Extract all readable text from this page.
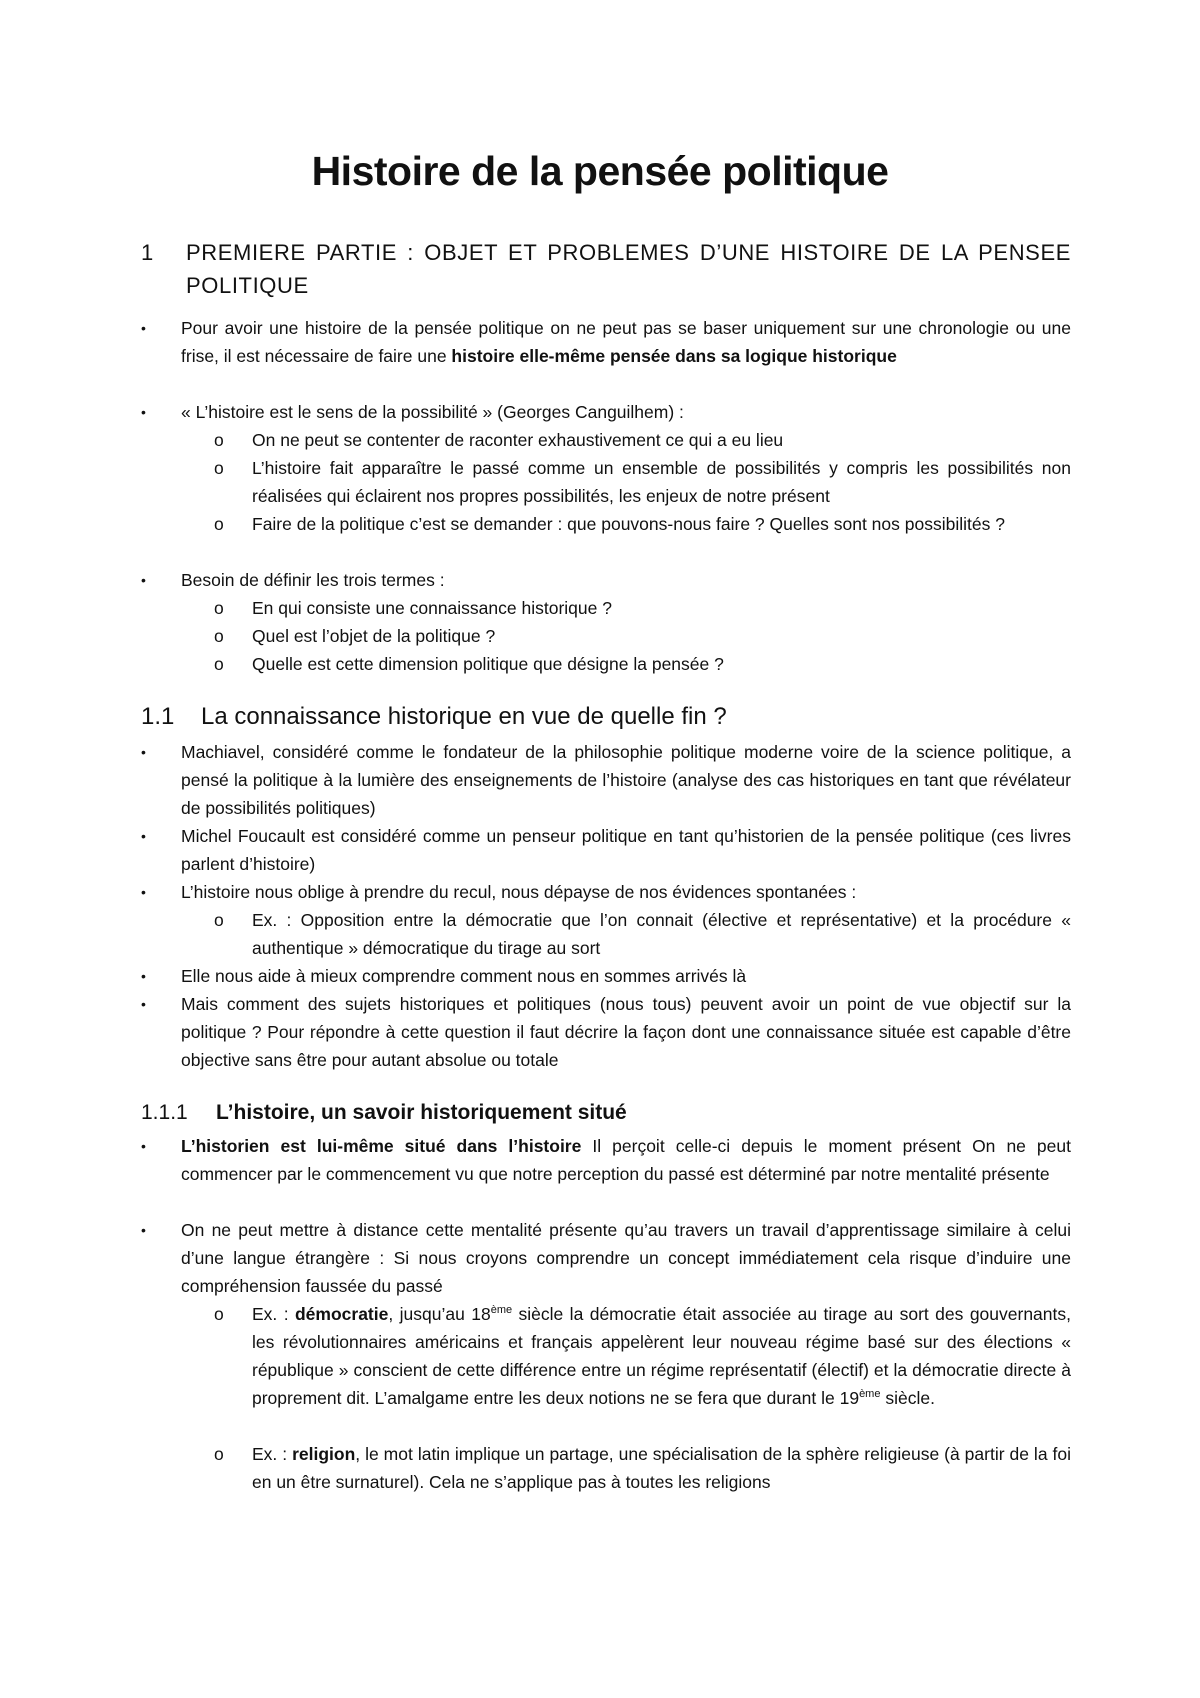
Histoire de la pensée politique
1 PREMIERE PARTIE : OBJET ET PROBLEMES D’UNE HISTOIRE DE LA PENSEE POLITIQUE
•	Pour avoir une histoire de la pensée politique on ne peut pas se baser uniquement sur une chronologie ou une frise, il est nécessaire de faire une histoire elle-même pensée dans sa logique historique
•	« L’histoire est le sens de la possibilité » (Georges Canguilhem) :
o	On ne peut se contenter de raconter exhaustivement ce qui a eu lieu
o	L’histoire fait apparaître le passé comme un ensemble de possibilités y compris les possibilités non réalisées qui éclairent nos propres possibilités, les enjeux de notre présent
o	Faire de la politique c’est se demander : que pouvons-nous faire ? Quelles sont nos possibilités ?
•	Besoin de définir les trois termes :
o	En qui consiste une connaissance historique ?
o	Quel est l’objet de la politique ?
o	Quelle est cette dimension politique que désigne la pensée ?
1.1 La connaissance historique en vue de quelle fin ?
•	Machiavel, considéré comme le fondateur de la philosophie politique moderne voire de la science politique, a pensé la politique à la lumière des enseignements de l’histoire (analyse des cas historiques en tant que révélateur de possibilités politiques)
•	Michel Foucault est considéré comme un penseur politique en tant qu’historien de la pensée politique (ces livres parlent d’histoire)
•	L’histoire nous oblige à prendre du recul, nous dépayse de nos évidences spontanées :
o	Ex. : Opposition entre la démocratie que l’on connait (élective et représentative) et la procédure « authentique » démocratique du tirage au sort
•	Elle nous aide à mieux comprendre comment nous en sommes arrivés là
•	Mais comment des sujets historiques et politiques (nous tous) peuvent avoir un point de vue objectif sur la politique ? Pour répondre à cette question il faut décrire la façon dont une connaissance située est capable d’être objective sans être pour autant absolue ou totale
1.1.1 L’histoire, un savoir historiquement situé
•	L’historien est lui-même situé dans l’histoire Il perçoit celle-ci depuis le moment présent On ne peut commencer par le commencement vu que notre perception du passé est déterminé par notre mentalité présente
•	On ne peut mettre à distance cette mentalité présente qu’au travers un travail d’apprentissage similaire à celui d’une langue étrangère : Si nous croyons comprendre un concept immédiatement cela risque d’induire une compréhension faussée du passé
o	Ex. : démocratie, jusqu’au 18ème siècle la démocratie était associée au tirage au sort des gouvernants, les révolutionnaires américains et français appelèrent leur nouveau régime basé sur des élections « république » conscient de cette différence entre un régime représentatif (électif) et la démocratie directe à proprement dit. L’amalgame entre les deux notions ne se fera que durant le 19ème siècle.
o	Ex. : religion, le mot latin implique un partage, une spécialisation de la sphère religieuse (à partir de la foi en un être surnaturel). Cela ne s’applique pas à toutes les religions
